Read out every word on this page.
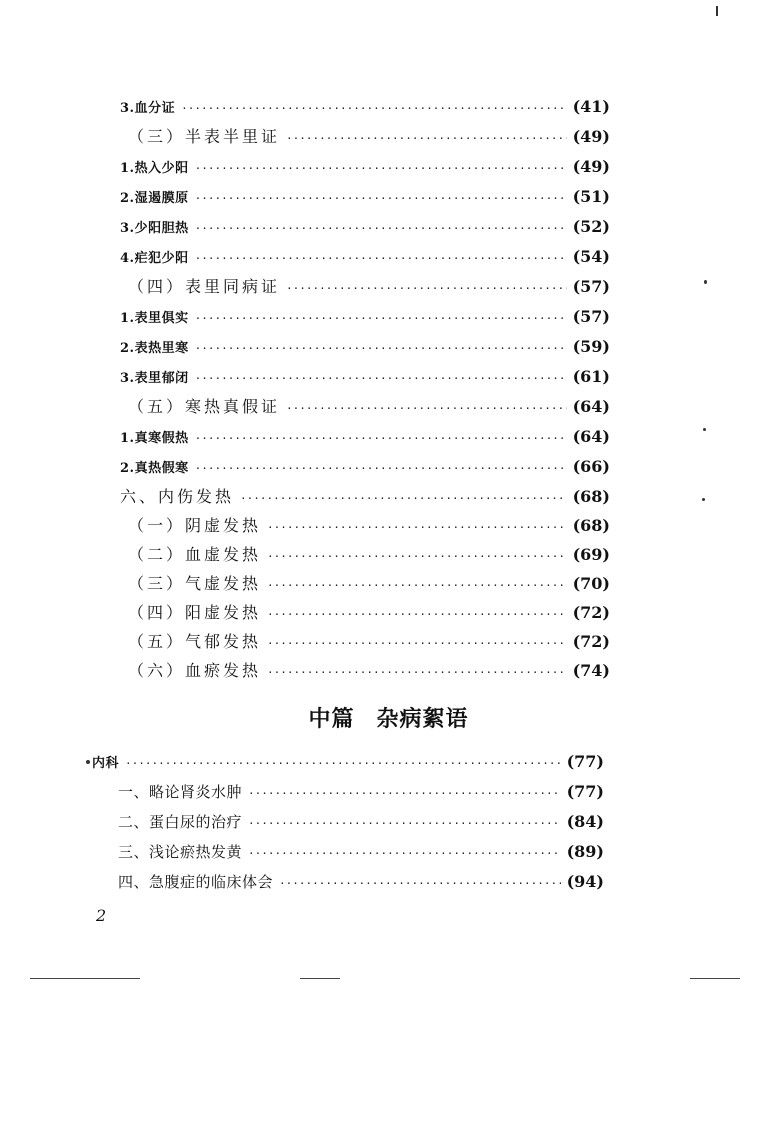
3.血分证 ·····	(41)
（三）半表半里证 ·····	(49)
1.热入少阳 ·····	(49)
2.湿遏膜原 ·····	(51)
3.少阳胆热 ·····	(52)
4.疟犯少阳 ·····	(54)
（四）表里同病证 ·····	(57)
1.表里俱实 ·····	(57)
2.表热里寒 ·····	(59)
3.表里郁闭 ·····	(61)
（五）寒热真假证 ·····	(64)
1.真寒假热 ·····	(64)
2.真热假寒 ·····	(66)
六、内伤发热 ·····	(68)
（一）阴虚发热 ·····	(68)
（二）血虚发热 ·····	(69)
（三）气虚发热 ·····	(70)
（四）阳虚发热 ·····	(72)
（五）气郁发热 ·····	(72)
（六）血瘀发热 ·····	(74)
中篇 杂病絮语
内科 ·····	(77)
一、略论肾炎水肿 ·····	(77)
二、蛋白尿的治疗 ·····	(84)
三、浅论瘀热发黄 ·····	(89)
四、急腹症的临床体会 ·····	(94)
2
